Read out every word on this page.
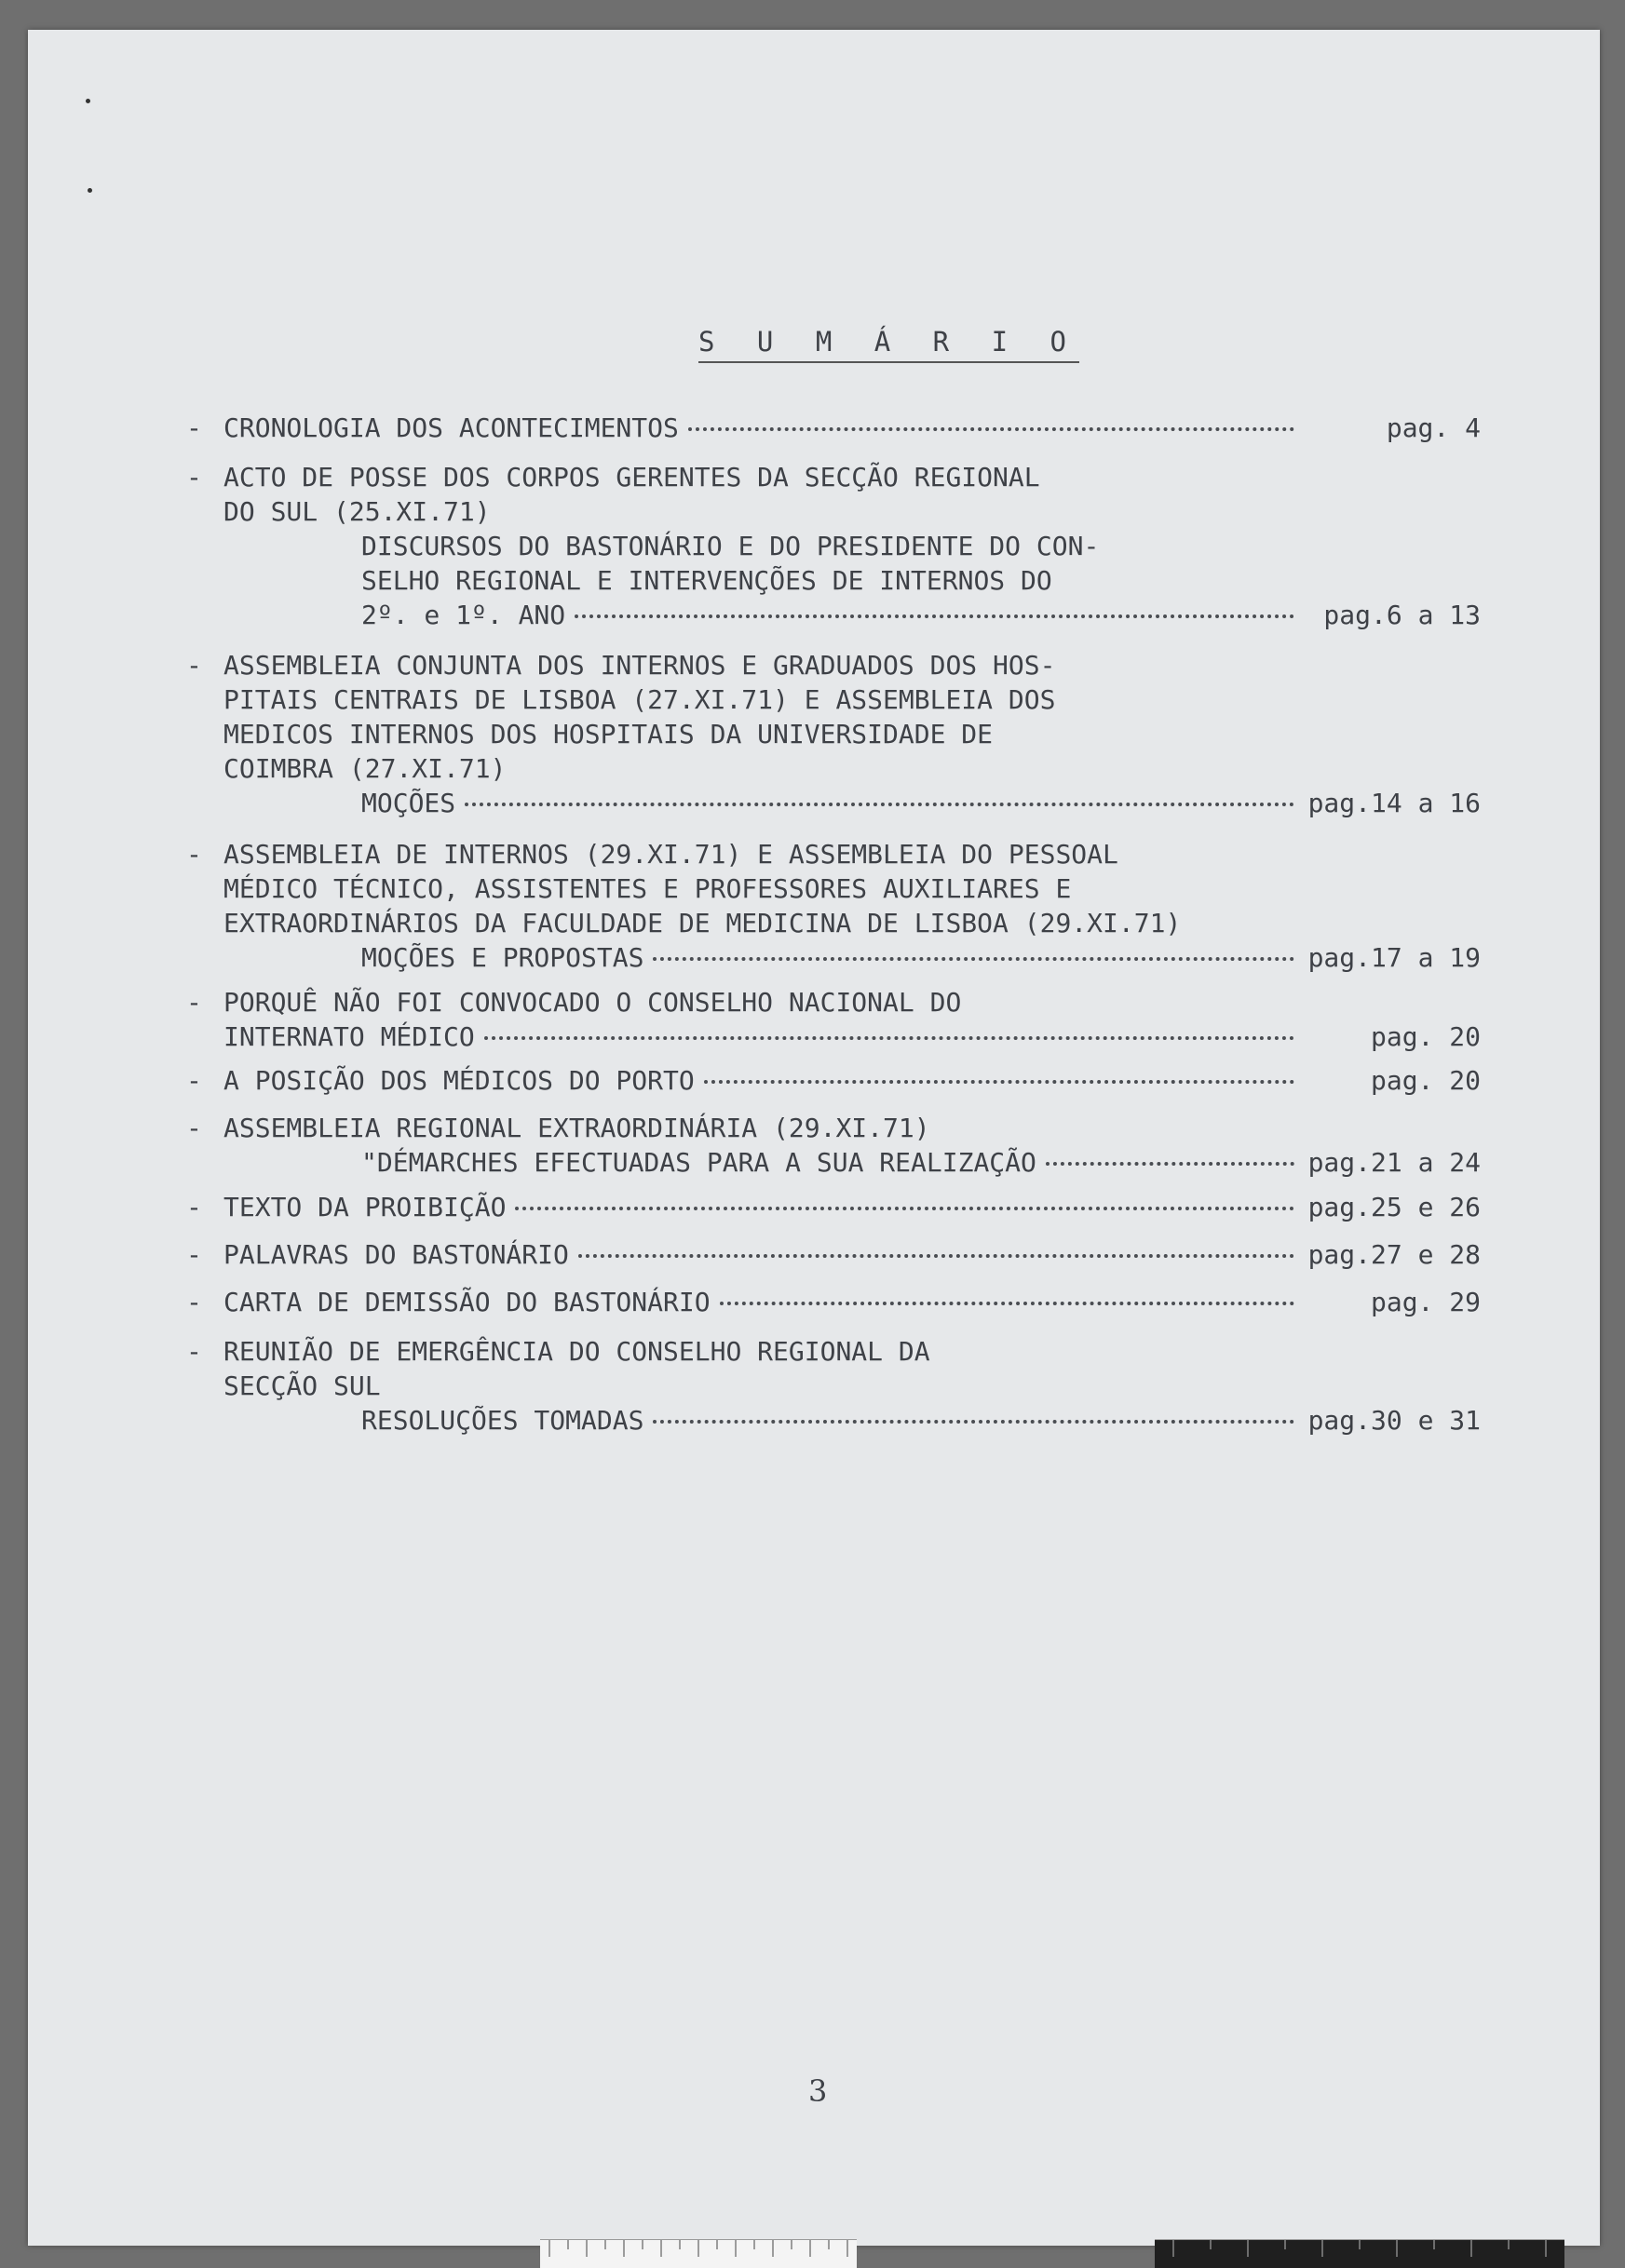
S U M Á R I O
- CRONOLOGIA DOS ACONTECIMENTOS	pag. 4
- ACTO DE POSSE DOS CORPOS GERENTES DA SECÇÃO REGIONAL
DO SUL (25.XI.71)
DISCURSOS DO BASTONÁRIO E DO PRESIDENTE DO CON-
SELHO REGIONAL E INTERVENÇÕES DE INTERNOS DO
2º. e 1º. ANO	pag.6 a 13
- ASSEMBLEIA CONJUNTA DOS INTERNOS E GRADUADOS DOS HOS-
PITAIS CENTRAIS DE LISBOA (27.XI.71) E ASSEMBLEIA DOS
MEDICOS INTERNOS DOS HOSPITAIS DA UNIVERSIDADE DE
COIMBRA (27.XI.71)
MOÇÕES	pag.14 a 16
- ASSEMBLEIA DE INTERNOS (29.XI.71) E ASSEMBLEIA DO PESSOAL
MÉDICO TÉCNICO, ASSISTENTES E PROFESSORES AUXILIARES E
EXTRAORDINÁRIOS DA FACULDADE DE MEDICINA DE LISBOA (29.XI.71)
MOÇÕES E PROPOSTAS	pag.17 a 19
- PORQUÊ NÃO FOI CONVOCADO O CONSELHO NACIONAL DO
INTERNATO MÉDICO	pag. 20
- A POSIÇÃO DOS MÉDICOS DO PORTO	pag. 20
- ASSEMBLEIA REGIONAL EXTRAORDINÁRIA (29.XI.71)
"DÉMARCHES EFECTUADAS PARA A SUA REALIZAÇÃO	pag.21 a 24
- TEXTO DA PROIBIÇÃO	pag.25 e 26
- PALAVRAS DO BASTONÁRIO	pag.27 e 28
- CARTA DE DEMISSÃO DO BASTONÁRIO	pag. 29
- REUNIÃO DE EMERGÊNCIA DO CONSELHO REGIONAL DA
SECÇÃO SUL
RESOLUÇÕES TOMADAS	pag.30 e 31
3
